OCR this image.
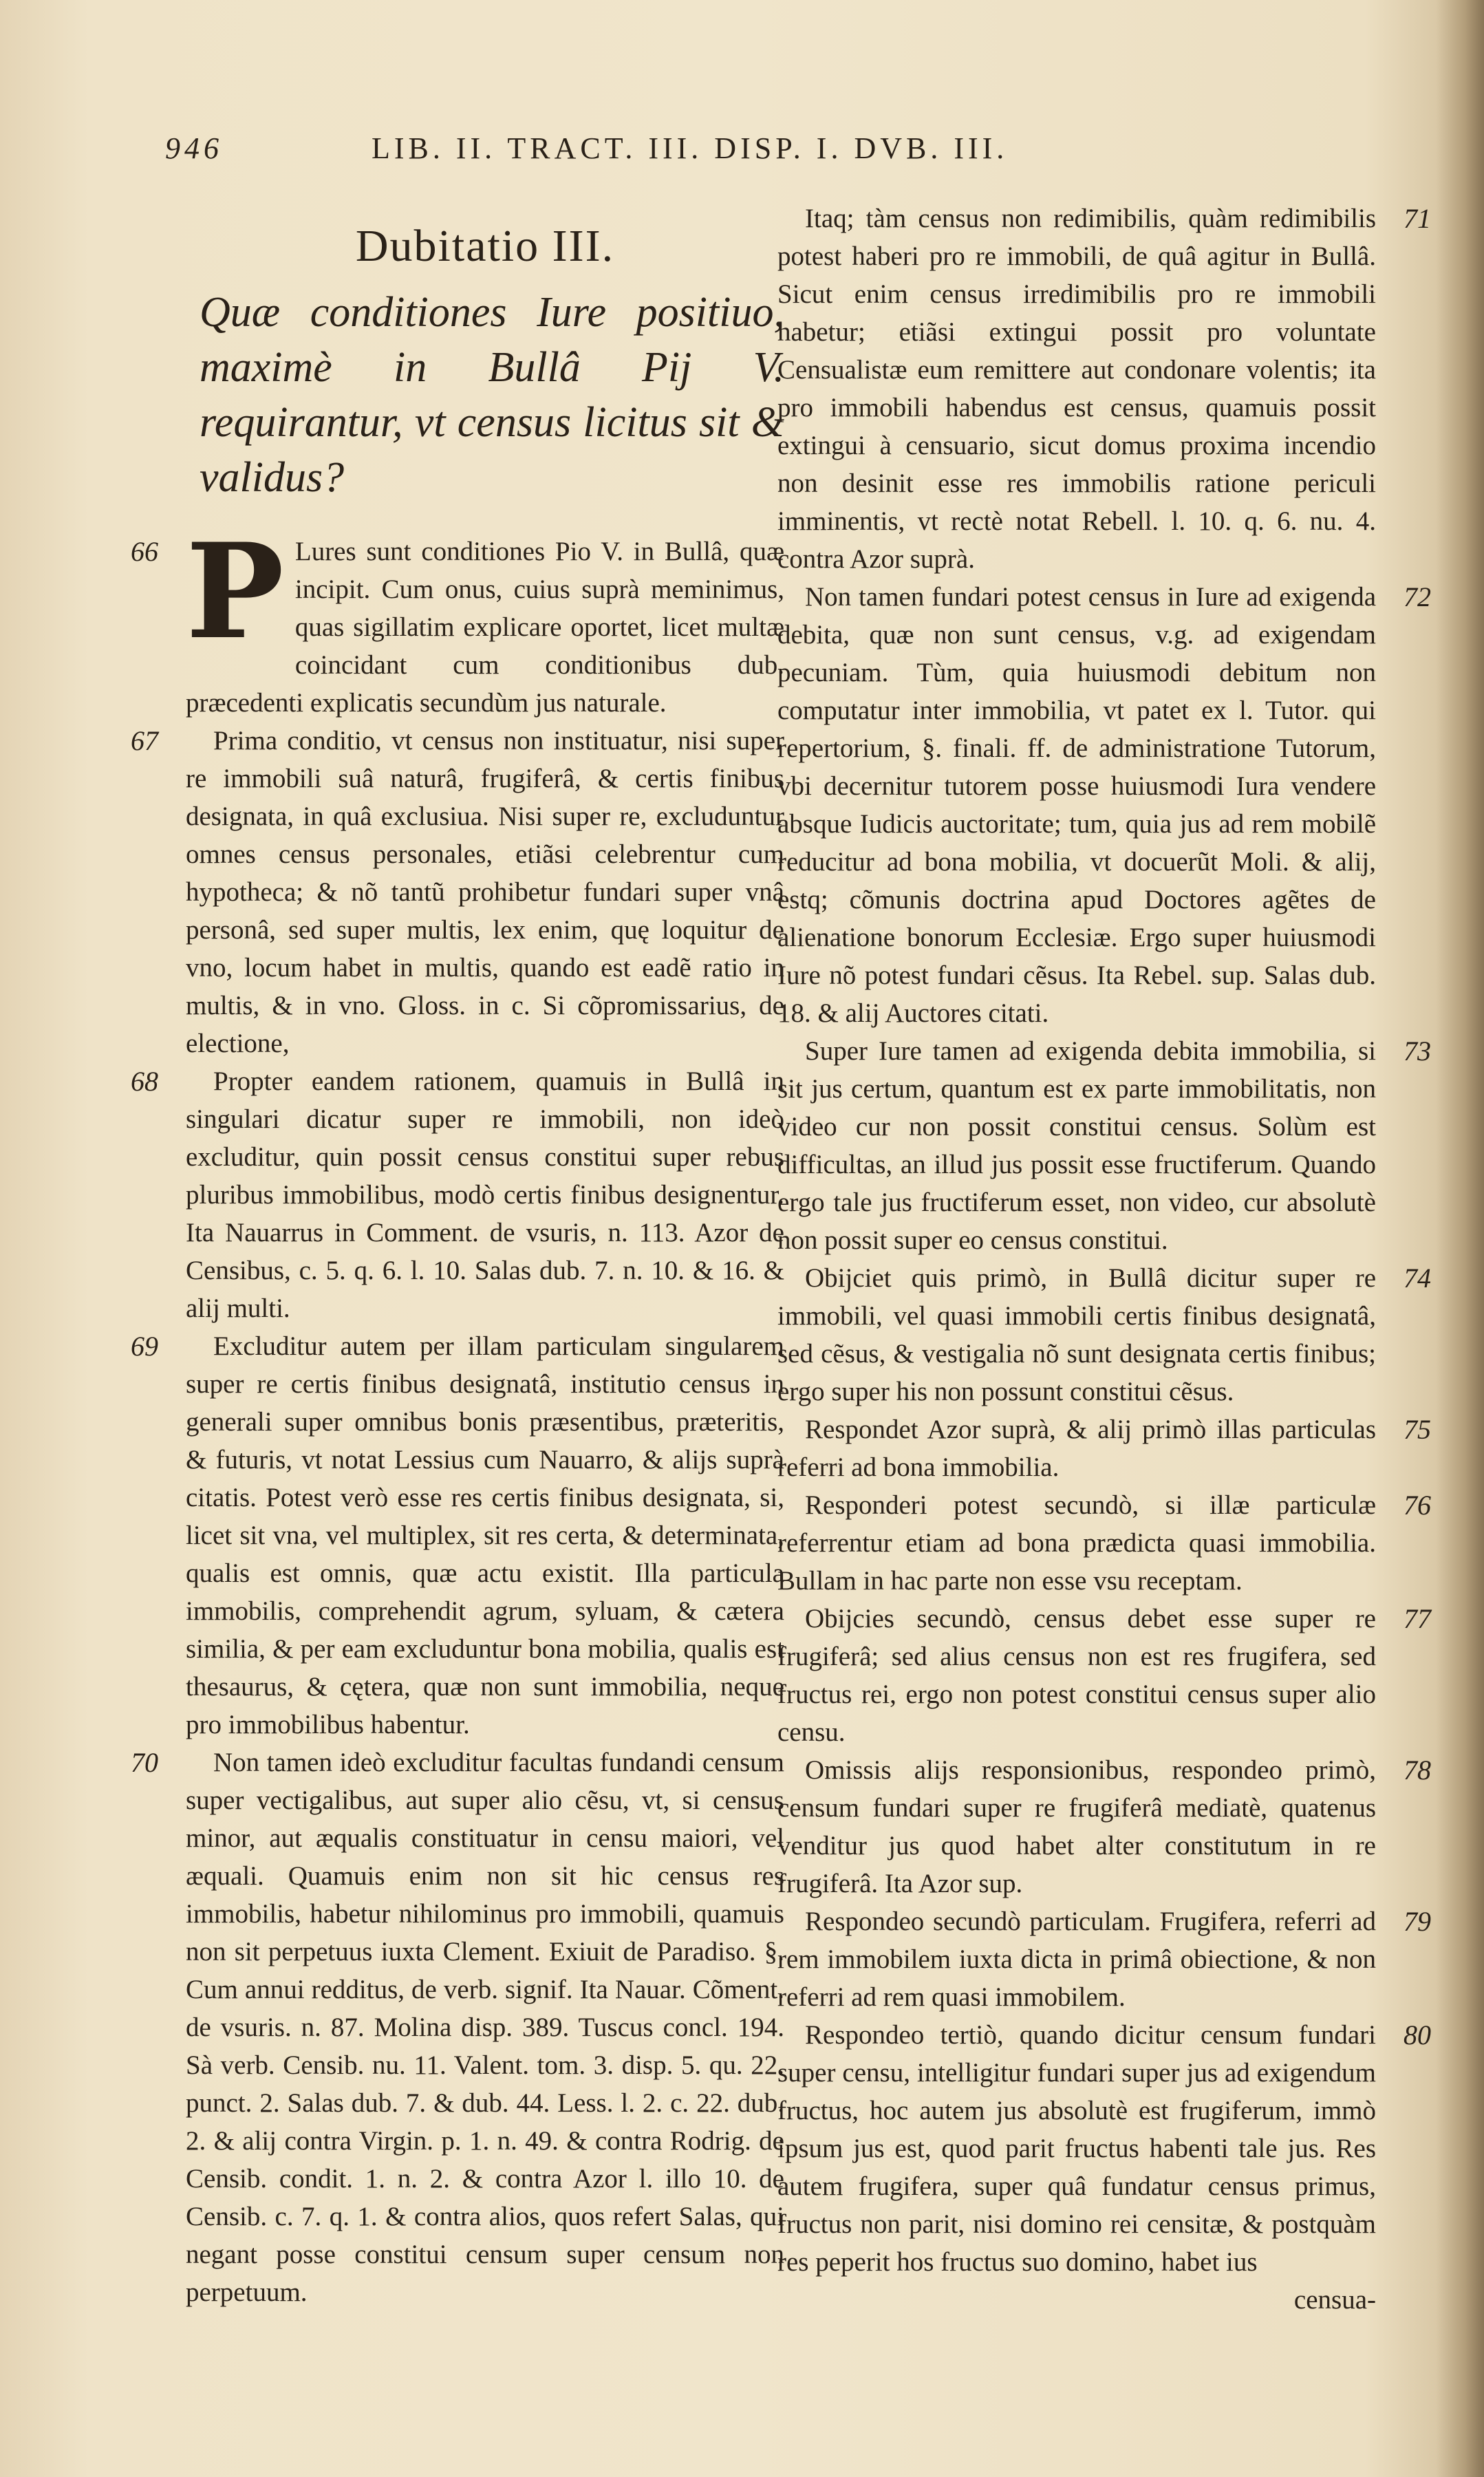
946	LIB. II. TRACT. III. DISP. I. DVB. III.
Dubitatio III.
Quæ conditiones Iure positiuo, maximè in Bullâ Pij V. requirantur, vt census licitus sit & validus?

66 P Lures sunt conditiones Pio V. in Bullâ, quæ incipit. Cum onus, cuius suprà meminimus, quas sigillatim explicare oportet, licet multæ coincidant cum conditionibus dub. præcedenti explicatis secundùm jus naturale.

67 Prima conditio, vt census non instituatur, nisi super re immobili suâ naturâ, frugiferâ, & certis finibus designata, in quâ exclusiua. Nisi super re, excluduntur omnes census personales, etiãsi celebrentur cum hypotheca; & nõ tantũ prohibetur fundari super vnâ personâ, sed super multis, lex enim, quę loquitur de vno, locum habet in multis, quando est eadẽ ratio in multis, & in vno. Gloss. in c. Si cõpromissarius, de electione,

68 Propter eandem rationem, quamuis in Bullâ in singulari dicatur super re immobili, non ideò excluditur, quin possit census constitui super rebus pluribus immobilibus, modò certis finibus designentur. Ita Nauarrus in Comment. de vsuris, n. 113. Azor de Censibus, c. 5. q. 6. l. 10. Salas dub. 7. n. 10. & 16. & alij multi.

69 Excluditur autem per illam particulam singularem super re certis finibus designatâ, institutio census in generali super omnibus bonis præsentibus, præteritis, & futuris, vt notat Lessius cum Nauarro, & alijs suprà citatis. Potest verò esse res certis finibus designata, si, licet sit vna, vel multiplex, sit res certa, & determinata, qualis est omnis, quæ actu existit. Illa particula immobilis, comprehendit agrum, syluam, & cætera similia, & per eam excluduntur bona mobilia, qualis est thesaurus, & cętera, quæ non sunt immobilia, neque pro immobilibus habentur.

70 Non tamen ideò excluditur facultas fundandi censum super vectigalibus, aut super alio cẽsu, vt, si census minor, aut æqualis constituatur in censu maiori, vel æquali. Quamuis enim non sit hic census res immobilis, habetur nihilominus pro immobili, quamuis non sit perpetuus iuxta Clement. Exiuit de Paradiso. §. Cum annui redditus, de verb. signif. Ita Nauar. Cõment. de vsuris. n. 87. Molina disp. 389. Tuscus concl. 194. Sà verb. Censib. nu. 11. Valent. tom. 3. disp. 5. qu. 22. punct. 2. Salas dub. 7. & dub. 44. Less. l. 2. c. 22. dub. 2. & alij contra Virgin. p. 1. n. 49. & contra Rodrig. de Censib. condit. 1. n. 2. & contra Azor l. illo 10. de Censib. c. 7. q. 1. & contra alios, quos refert Salas, qui negant posse constitui censum super censum non perpetuum.

71
Itaq; tàm census non redimibilis, quàm redimibilis potest haberi pro re immobili, de quâ agitur in Bullâ. Sicut enim census irredimibilis pro re immobili habetur; etiãsi extingui possit pro voluntate Censualistæ eum remittere aut condonare volentis; ita pro immobili habendus est census, quamuis possit extingui à censuario, sicut domus proxima incendio non desinit esse res immobilis ratione periculi imminentis, vt rectè notat Rebell. l. 10. q. 6. nu. 4. contra Azor suprà.

72
Non tamen fundari potest census in Iure ad exigenda debita, quæ non sunt census, v.g. ad exigendam pecuniam. Tùm, quia huiusmodi debitum non computatur inter immobilia, vt patet ex l. Tutor. qui repertorium, §. finali. ff. de administratione Tutorum, vbi decernitur tutorem posse huiusmodi Iura vendere absque Iudicis auctoritate; tum, quia jus ad rem mobilẽ reducitur ad bona mobilia, vt docuerũt Moli. & alij, estq; cõmunis doctrina apud Doctores agẽtes de alienatione bonorum Ecclesiæ. Ergo super huiusmodi Iure nõ potest fundari cẽsus. Ita Rebel. sup. Salas dub. 18. & alij Auctores citati.

73
Super Iure tamen ad exigenda debita immobilia, si sit jus certum, quantum est ex parte immobilitatis, non video cur non possit constitui census. Solùm est difficultas, an illud jus possit esse fructiferum. Quando ergo tale jus fructiferum esset, non video, cur absolutè non possit super eo census constitui.

74
Obijciet quis primò, in Bullâ dicitur super re immobili, vel quasi immobili certis finibus designatâ, sed cẽsus, & vestigalia nõ sunt designata certis finibus; ergo super his non possunt constitui cẽsus.

75
Respondet Azor suprà, & alij primò illas particulas referri ad bona immobilia.

76
Responderi potest secundò, si illæ particulæ referrentur etiam ad bona prædicta quasi immobilia. Bullam in hac parte non esse vsu receptam.

77
Obijcies secundò, census debet esse super re frugiferâ; sed alius census non est res frugifera, sed fructus rei, ergo non potest constitui census super alio censu.

78
Omissis alijs responsionibus, respondeo primò, censum fundari super re frugiferâ mediatè, quatenus venditur jus quod habet alter constitutum in re frugiferâ. Ita Azor sup.

79
Respondeo secundò particulam. Frugifera, referri ad rem immobilem iuxta dicta in primâ obiectione, & non referri ad rem quasi immobilem.

80
Respondeo tertiò, quando dicitur censum fundari super censu, intelligitur fundari super jus ad exigendum fructus, hoc autem jus absolutè est frugiferum, immò ipsum jus est, quod parit fructus habenti tale jus. Res autem frugifera, super quâ fundatur census primus, fructus non parit, nisi domino rei censitæ, & postquàm res peperit hos fructus suo domino, habet ius

censua-
